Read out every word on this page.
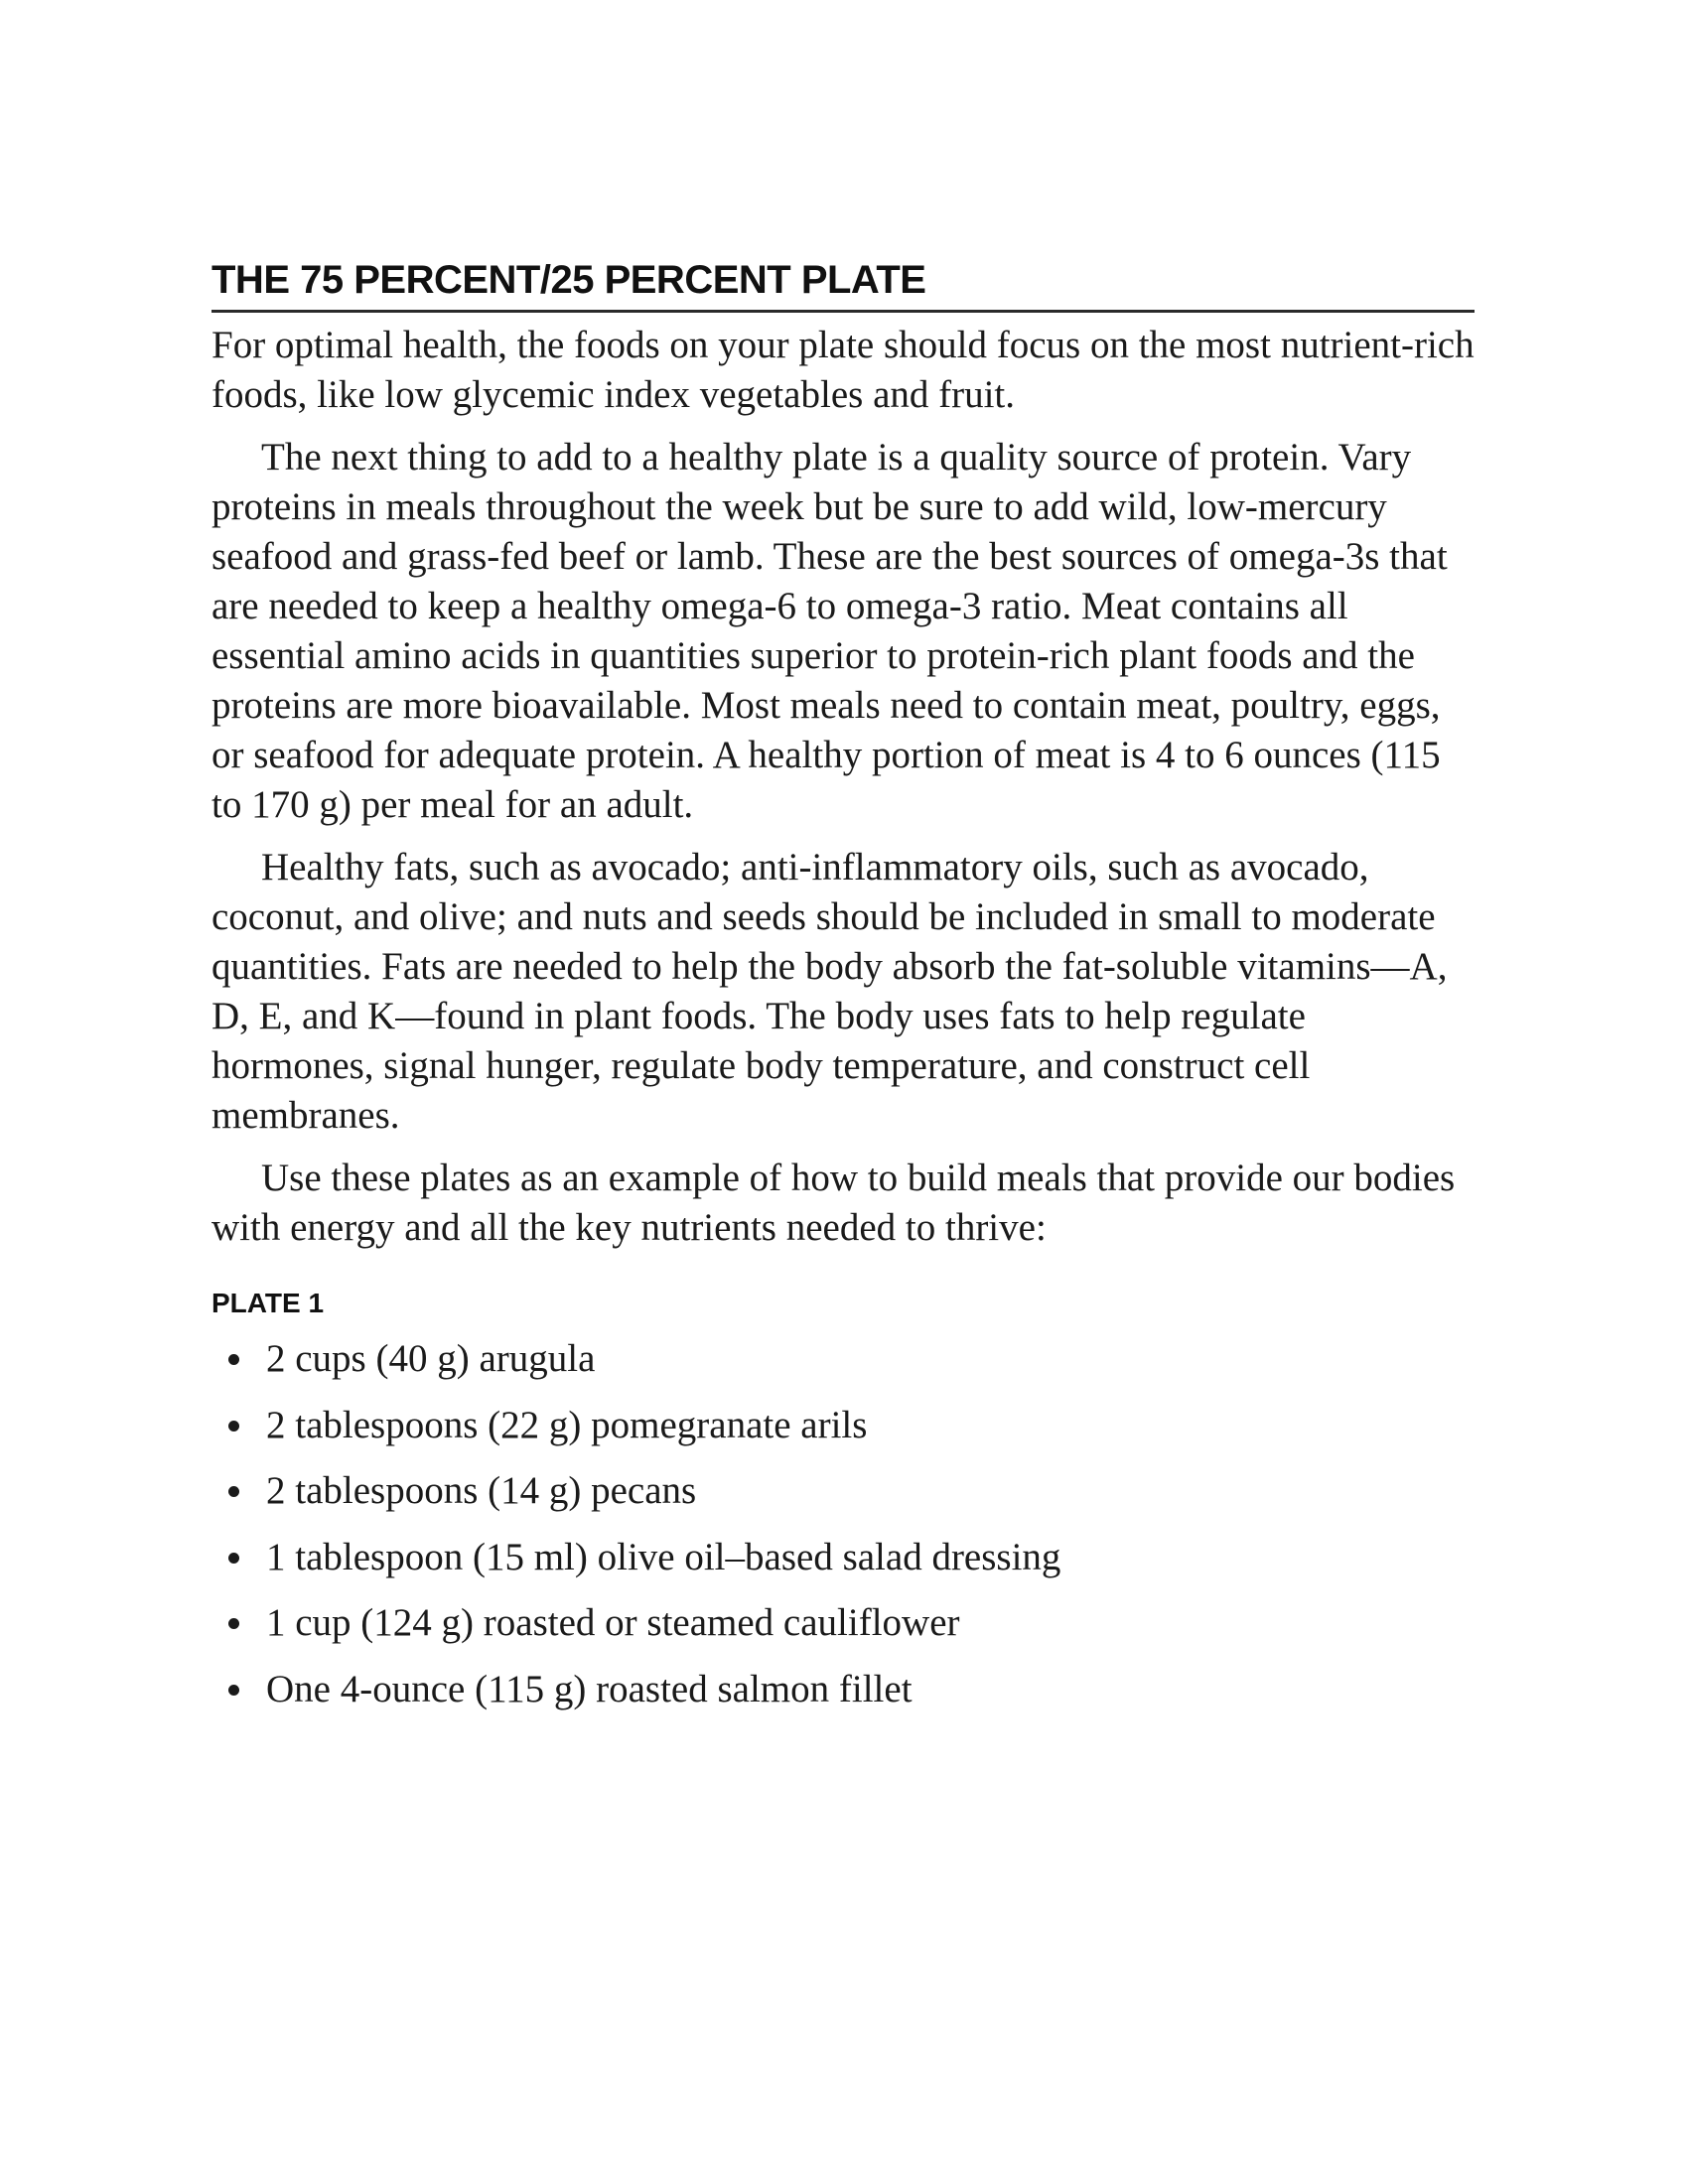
THE 75 PERCENT/25 PERCENT PLATE

For optimal health, the foods on your plate should focus on the most nutrient-rich foods, like low glycemic index vegetables and fruit.

The next thing to add to a healthy plate is a quality source of protein. Vary proteins in meals throughout the week but be sure to add wild, low-mercury seafood and grass-fed beef or lamb. These are the best sources of omega-3s that are needed to keep a healthy omega-6 to omega-3 ratio. Meat contains all essential amino acids in quantities superior to protein-rich plant foods and the proteins are more bioavailable. Most meals need to contain meat, poultry, eggs, or seafood for adequate protein. A healthy portion of meat is 4 to 6 ounces (115 to 170 g) per meal for an adult.

Healthy fats, such as avocado; anti-inflammatory oils, such as avocado, coconut, and olive; and nuts and seeds should be included in small to moderate quantities. Fats are needed to help the body absorb the fat-soluble vitamins—A, D, E, and K—found in plant foods. The body uses fats to help regulate hormones, signal hunger, regulate body temperature, and construct cell membranes.

Use these plates as an example of how to build meals that provide our bodies with energy and all the key nutrients needed to thrive:

PLATE 1
2 cups (40 g) arugula
2 tablespoons (22 g) pomegranate arils
2 tablespoons (14 g) pecans
1 tablespoon (15 ml) olive oil–based salad dressing
1 cup (124 g) roasted or steamed cauliflower
One 4-ounce (115 g) roasted salmon fillet
